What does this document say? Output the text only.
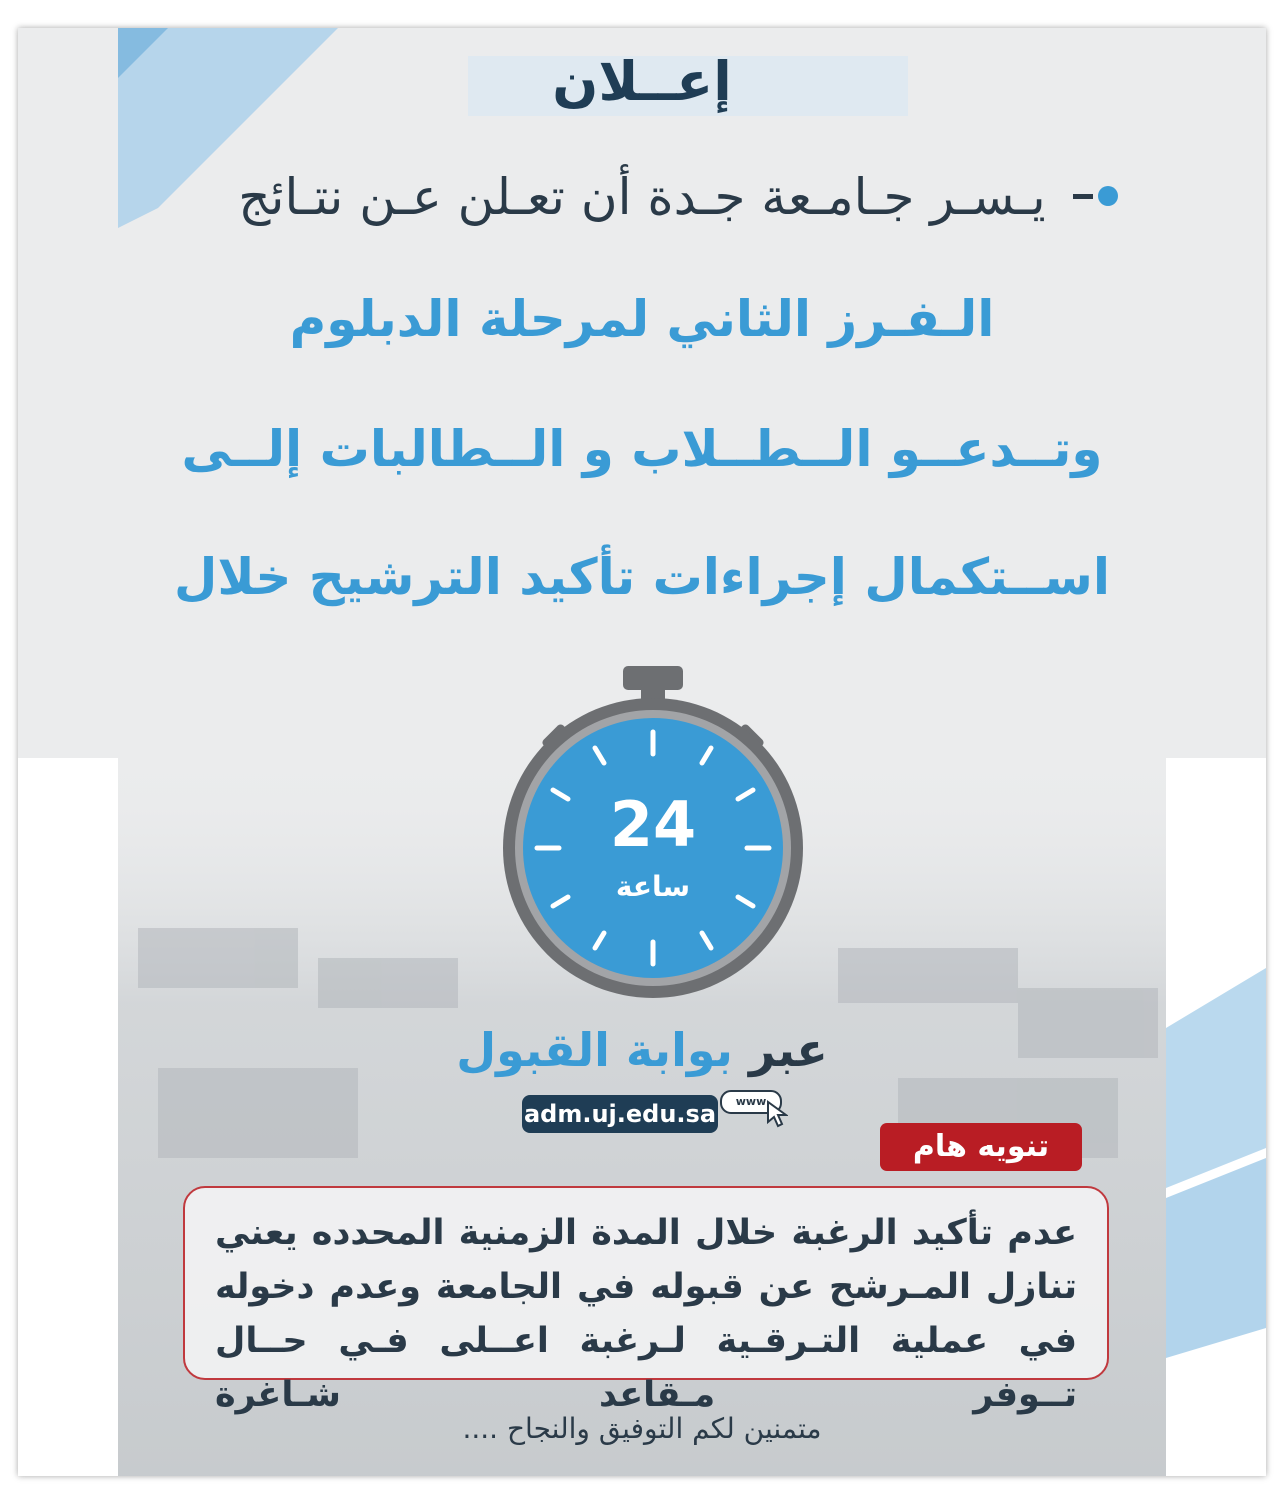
إعــلان
يـسـر جـامـعة جـدة أن تعـلن عـن نتـائج
الـفـرز الثاني لمرحلة الدبلوم
وتــدعــو الــطــلاب و الــطالبات إلــى
اســتكمال إجراءات تأكيد الترشيح خلال
24
ساعة
عبر بوابة القبول
adm.uj.edu.sa	www
تنويه هام
عدم تأكيد الرغبة خلال المدة الزمنية المحدده يعني تنازل المـرشح عن قبوله في الجامعة وعدم دخوله في عملية التـرقـية لـرغبة اعــلى فـي حــال تــوفر مـقاعد شـاغرة
متمنين لكم التوفيق والنجاح ....
